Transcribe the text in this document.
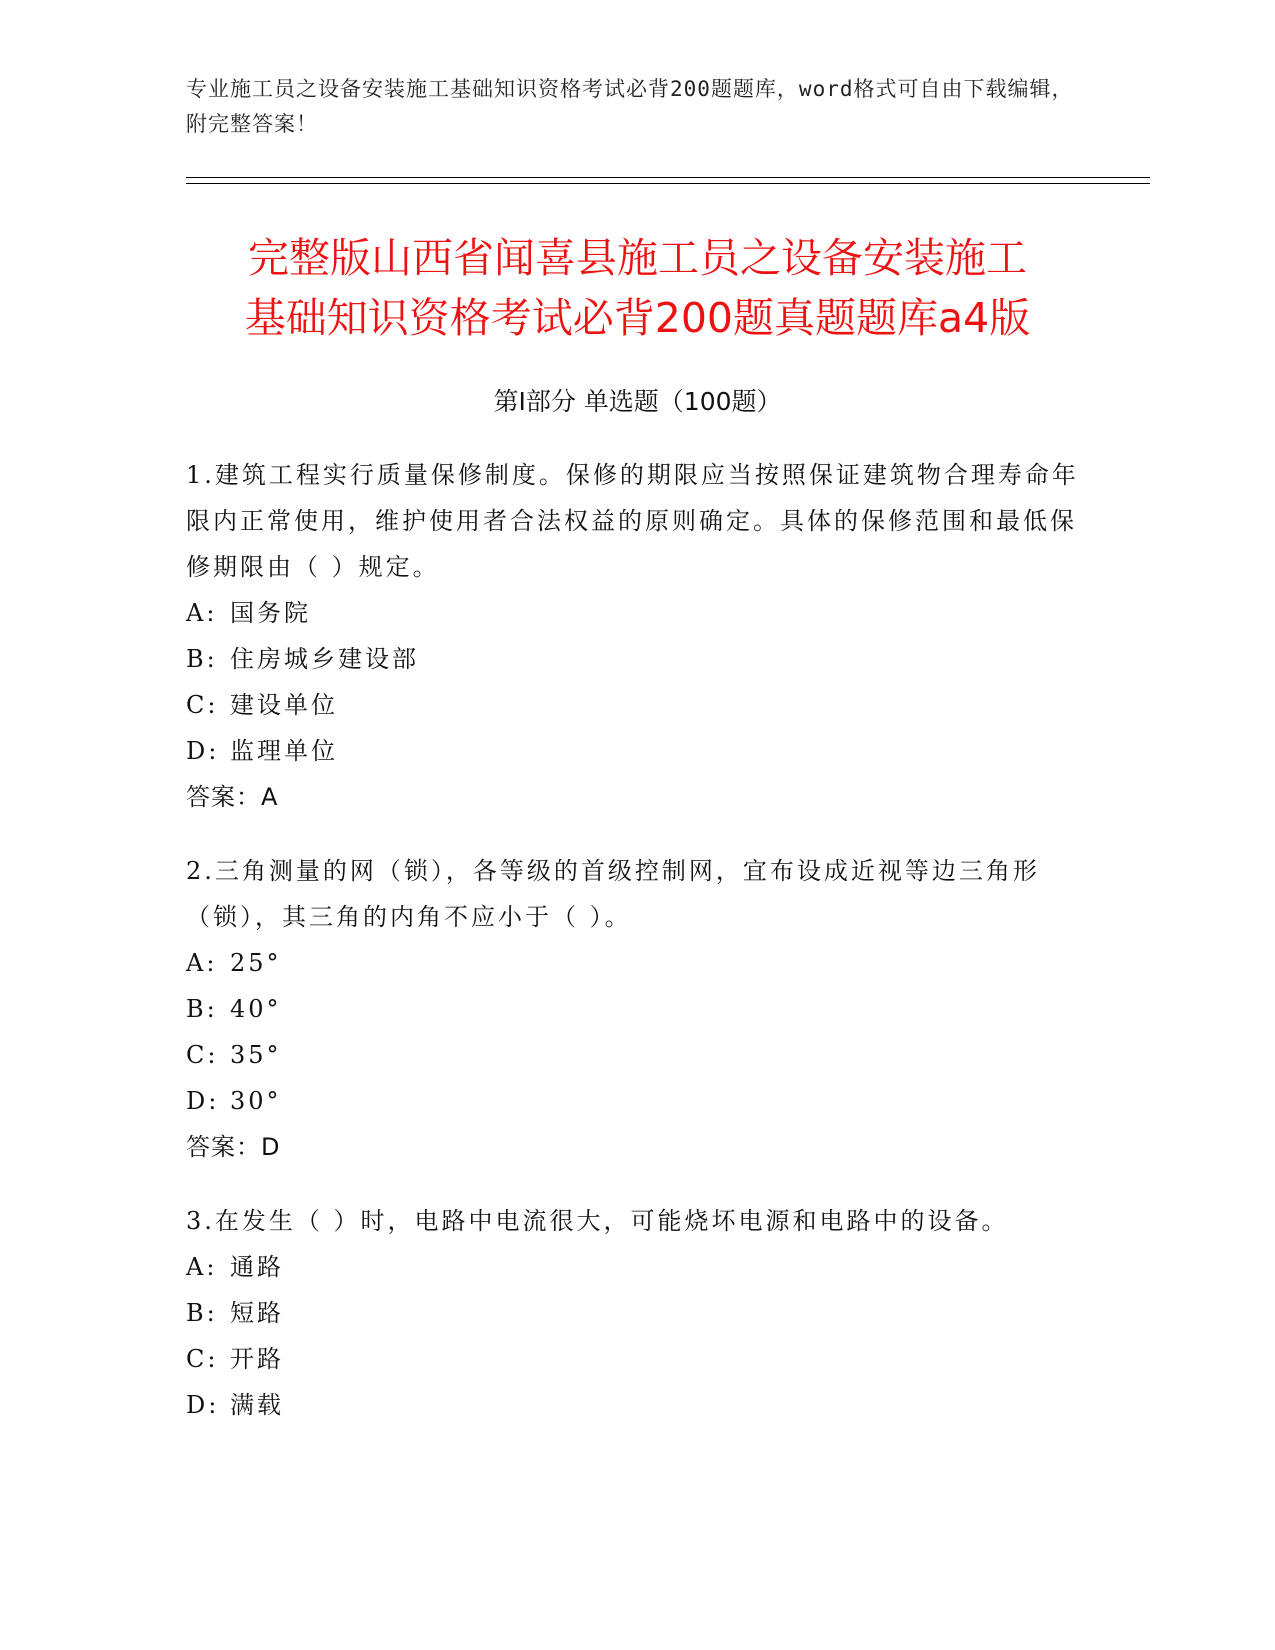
专业施工员之设备安装施工基础知识资格考试必背200题题库，word格式可自由下载编辑，附完整答案！
完整版山西省闻喜县施工员之设备安装施工
基础知识资格考试必背200题真题题库a4版
第Ⅰ部分 单选题（100题）

1.建筑工程实行质量保修制度。保修的期限应当按照保证建筑物合理寿命年限内正常使用，维护使用者合法权益的原则确定。具体的保修范围和最低保修期限由（ ）规定。

A: 国务院

B: 住房城乡建设部

C: 建设单位

D: 监理单位

答案：A

2.三角测量的网（锁），各等级的首级控制网，宜布设成近视等边三角形（锁），其三角的内角不应小于（ ）。

A: 25°

B: 40°

C: 35°

D: 30°

答案：D

3.在发生（ ）时，电路中电流很大，可能烧坏电源和电路中的设备。

A: 通路

B: 短路

C: 开路

D: 满载
